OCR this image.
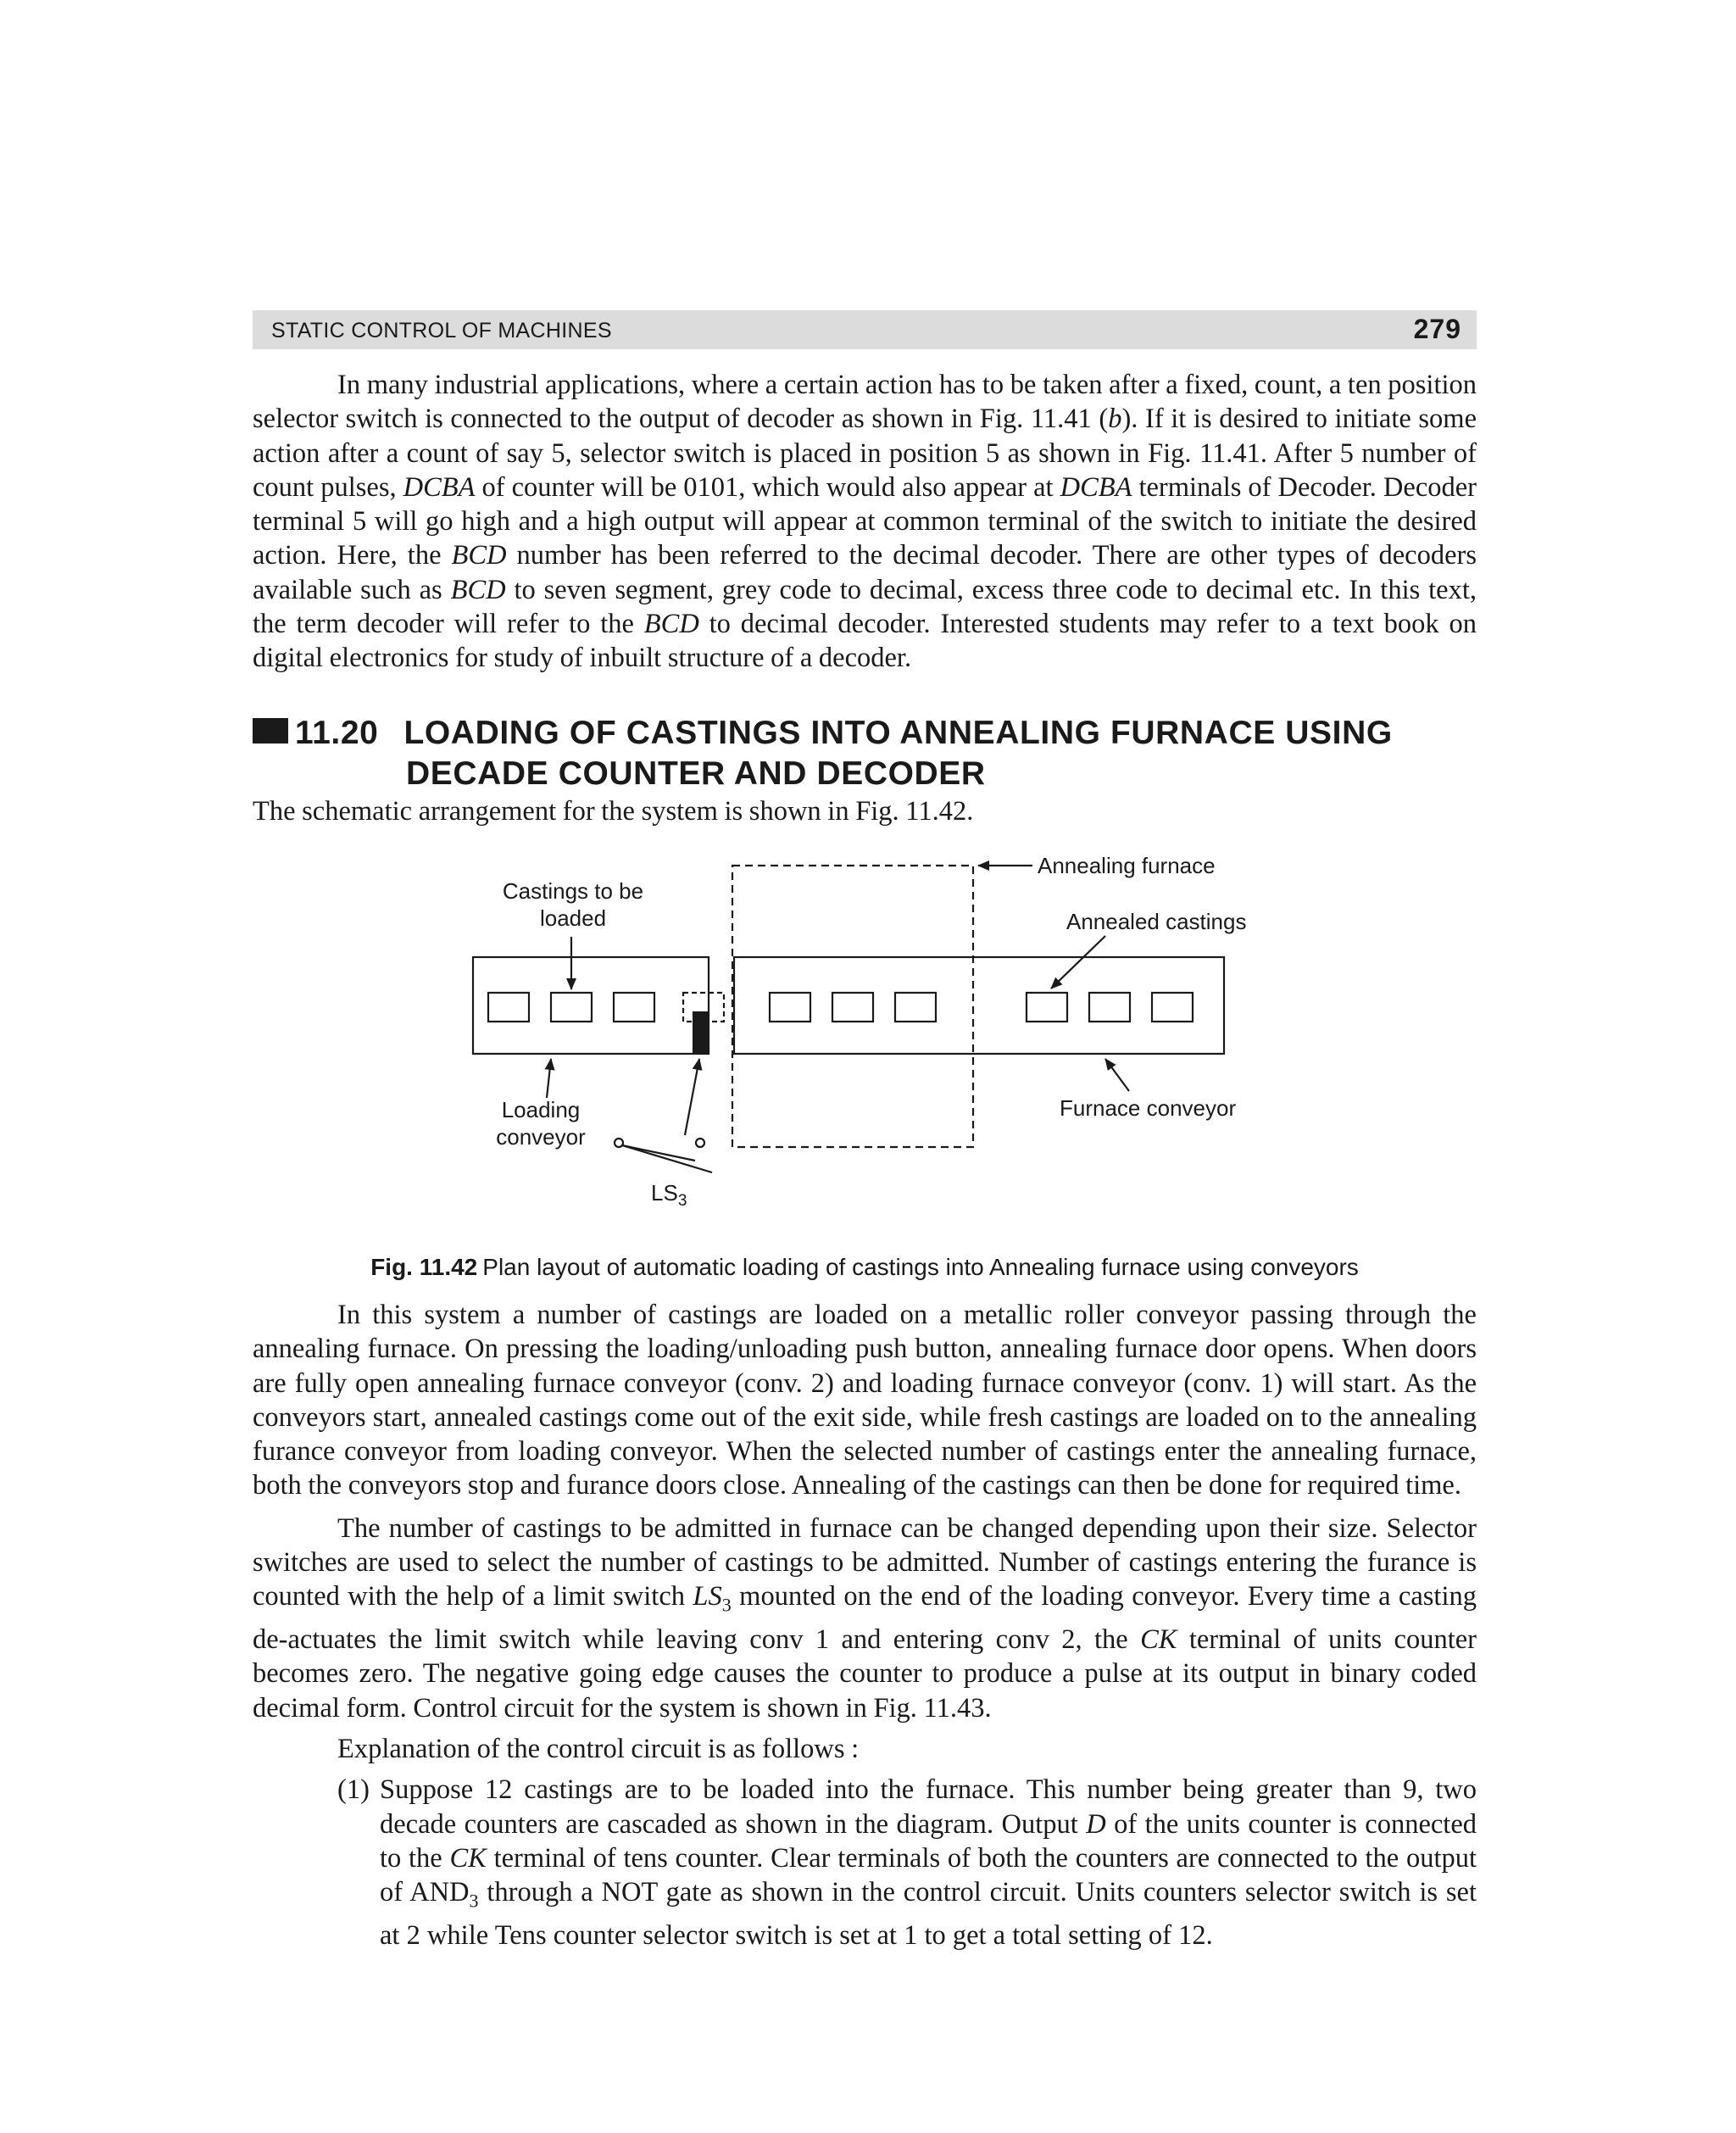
STATIC CONTROL OF MACHINES	279

In many industrial applications, where a certain action has to be taken after a fixed, count, a ten position selector switch is connected to the output of decoder as shown in Fig. 11.41 (b). If it is desired to initiate some action after a count of say 5, selector switch is placed in position 5 as shown in Fig. 11.41. After 5 number of count pulses, DCBA of counter will be 0101, which would also appear at DCBA terminals of Decoder. Decoder terminal 5 will go high and a high output will appear at common terminal of the switch to initiate the desired action. Here, the BCD number has been referred to the decimal decoder. There are other types of decoders available such as BCD to seven segment, grey code to decimal, excess three code to decimal etc. In this text, the term decoder will refer to the BCD to decimal decoder. Interested students may refer to a text book on digital electronics for study of inbuilt structure of a decoder.

11.20 LOADING OF CASTINGS INTO ANNEALING FURNACE USING
DECADE COUNTER AND DECODER

The schematic arrangement for the system is shown in Fig. 11.42.

Castings to be
loaded
Annealing furnace
Annealed castings
Loading
conveyor
Furnace conveyor
$LS_3$
Fig. 11.42 Plan layout of automatic loading of castings into Annealing furnace using conveyors

In this system a number of castings are loaded on a metallic roller conveyor passing through the annealing furnace. On pressing the loading/unloading push button, annealing furnace door opens. When doors are fully open annealing furnace conveyor (conv. 2) and loading furnace conveyor (conv. 1) will start. As the conveyors start, annealed castings come out of the exit side, while fresh castings are loaded on to the annealing furance conveyor from loading conveyor. When the selected number of castings enter the annealing furnace, both the conveyors stop and furance doors close. Annealing of the castings can then be done for required time.

The number of castings to be admitted in furnace can be changed depending upon their size. Selector switches are used to select the number of castings to be admitted. Number of castings entering the furance is counted with the help of a limit switch $LS_3$ mounted on the end of the loading conveyor. Every time a casting de-actuates the limit switch while leaving conv 1 and entering conv 2, the CK terminal of units counter becomes zero. The negative going edge causes the counter to produce a pulse at its output in binary coded decimal form. Control circuit for the system is shown in Fig. 11.43.

Explanation of the control circuit is as follows :

(1) Suppose 12 castings are to be loaded into the furnace. This number being greater than 9, two decade counters are cascaded as shown in the diagram. Output D of the units counter is connected to the CK terminal of tens counter. Clear terminals of both the counters are connected to the output of $AND_3$ through a NOT gate as shown in the control circuit. Units counters selector switch is set at 2 while Tens counter selector switch is set at 1 to get a total setting of 12.
